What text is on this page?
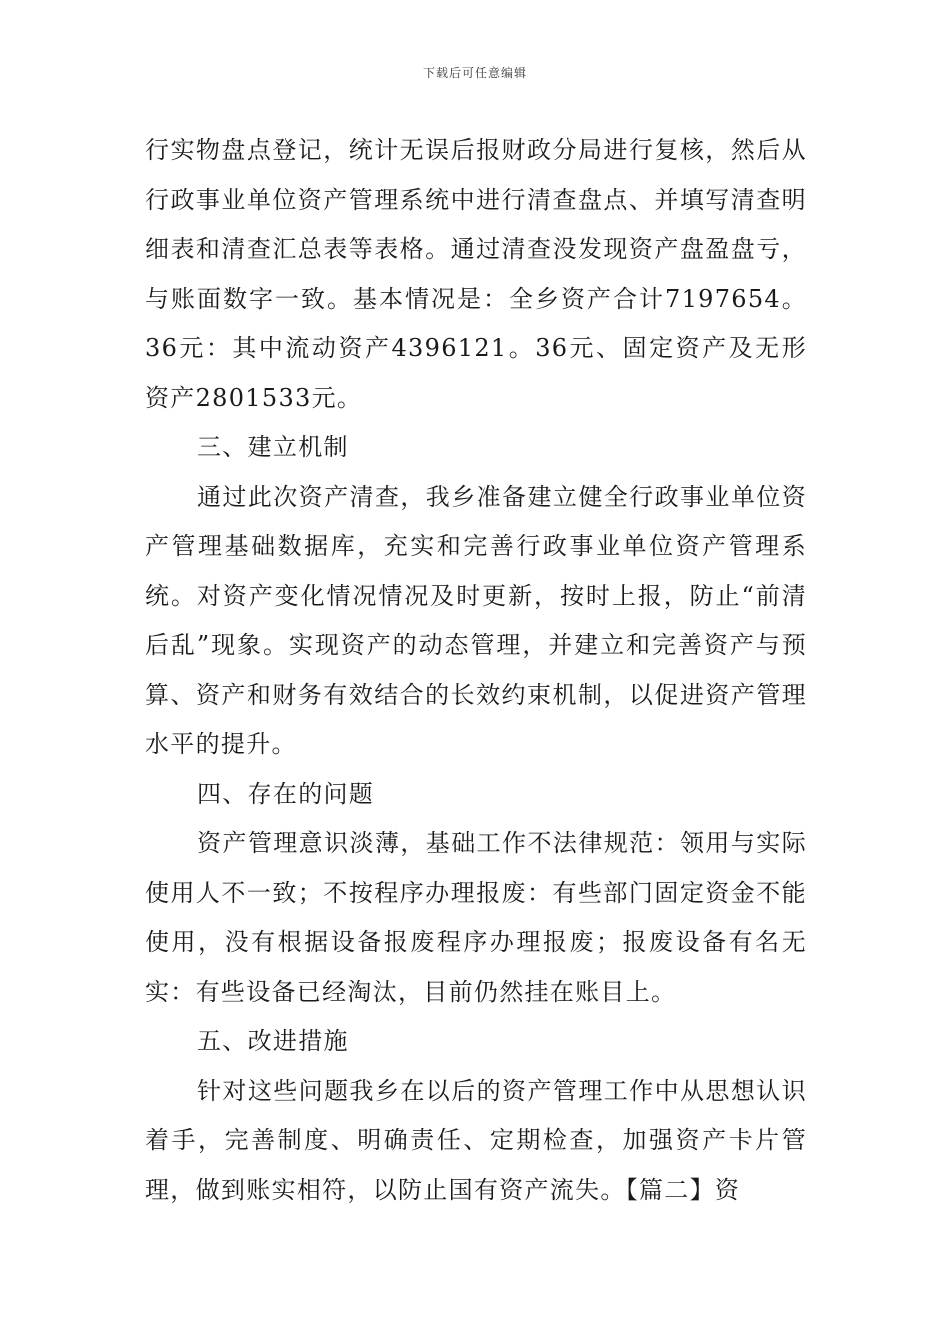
下载后可任意编辑

行实物盘点登记，统计无误后报财政分局进行复核，然后从行政事业单位资产管理系统中进行清查盘点、并填写清查明细表和清查汇总表等表格。通过清查没发现资产盘盈盘亏，与账面数字一致。基本情况是：全乡资产合计7197654。36元：其中流动资产4396121。36元、固定资产及无形资产2801533元。

三、建立机制

通过此次资产清查，我乡准备建立健全行政事业单位资产管理基础数据库，充实和完善行政事业单位资产管理系统。对资产变化情况情况及时更新，按时上报，防止“前清后乱”现象。实现资产的动态管理，并建立和完善资产与预算、资产和财务有效结合的长效约束机制，以促进资产管理水平的提升。

四、存在的问题

资产管理意识淡薄，基础工作不法律规范：领用与实际使用人不一致；不按程序办理报废：有些部门固定资金不能使用，没有根据设备报废程序办理报废；报废设备有名无实：有些设备已经淘汰，目前仍然挂在账目上。

五、改进措施

针对这些问题我乡在以后的资产管理工作中从思想认识着手，完善制度、明确责任、定期检查，加强资产卡片管理，做到账实相符，以防止国有资产流失。【篇二】资
